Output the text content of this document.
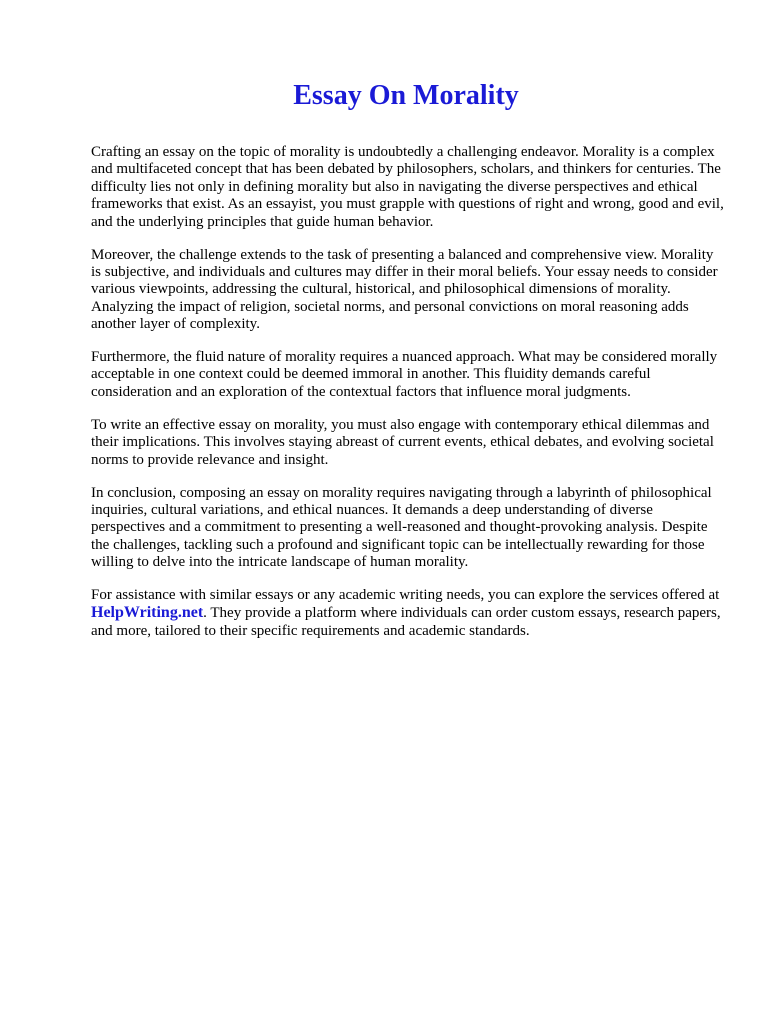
Essay On Morality

Crafting an essay on the topic of morality is undoubtedly a challenging endeavor. Morality is a complex and multifaceted concept that has been debated by philosophers, scholars, and thinkers for centuries. The difficulty lies not only in defining morality but also in navigating the diverse perspectives and ethical frameworks that exist. As an essayist, you must grapple with questions of right and wrong, good and evil, and the underlying principles that guide human behavior.

Moreover, the challenge extends to the task of presenting a balanced and comprehensive view. Morality is subjective, and individuals and cultures may differ in their moral beliefs. Your essay needs to consider various viewpoints, addressing the cultural, historical, and philosophical dimensions of morality. Analyzing the impact of religion, societal norms, and personal convictions on moral reasoning adds another layer of complexity.

Furthermore, the fluid nature of morality requires a nuanced approach. What may be considered morally acceptable in one context could be deemed immoral in another. This fluidity demands careful consideration and an exploration of the contextual factors that influence moral judgments.

To write an effective essay on morality, you must also engage with contemporary ethical dilemmas and their implications. This involves staying abreast of current events, ethical debates, and evolving societal norms to provide relevance and insight.

In conclusion, composing an essay on morality requires navigating through a labyrinth of philosophical inquiries, cultural variations, and ethical nuances. It demands a deep understanding of diverse perspectives and a commitment to presenting a well-reasoned and thought-provoking analysis. Despite the challenges, tackling such a profound and significant topic can be intellectually rewarding for those willing to delve into the intricate landscape of human morality.

For assistance with similar essays or any academic writing needs, you can explore the services offered at HelpWriting.net. They provide a platform where individuals can order custom essays, research papers, and more, tailored to their specific requirements and academic standards.
